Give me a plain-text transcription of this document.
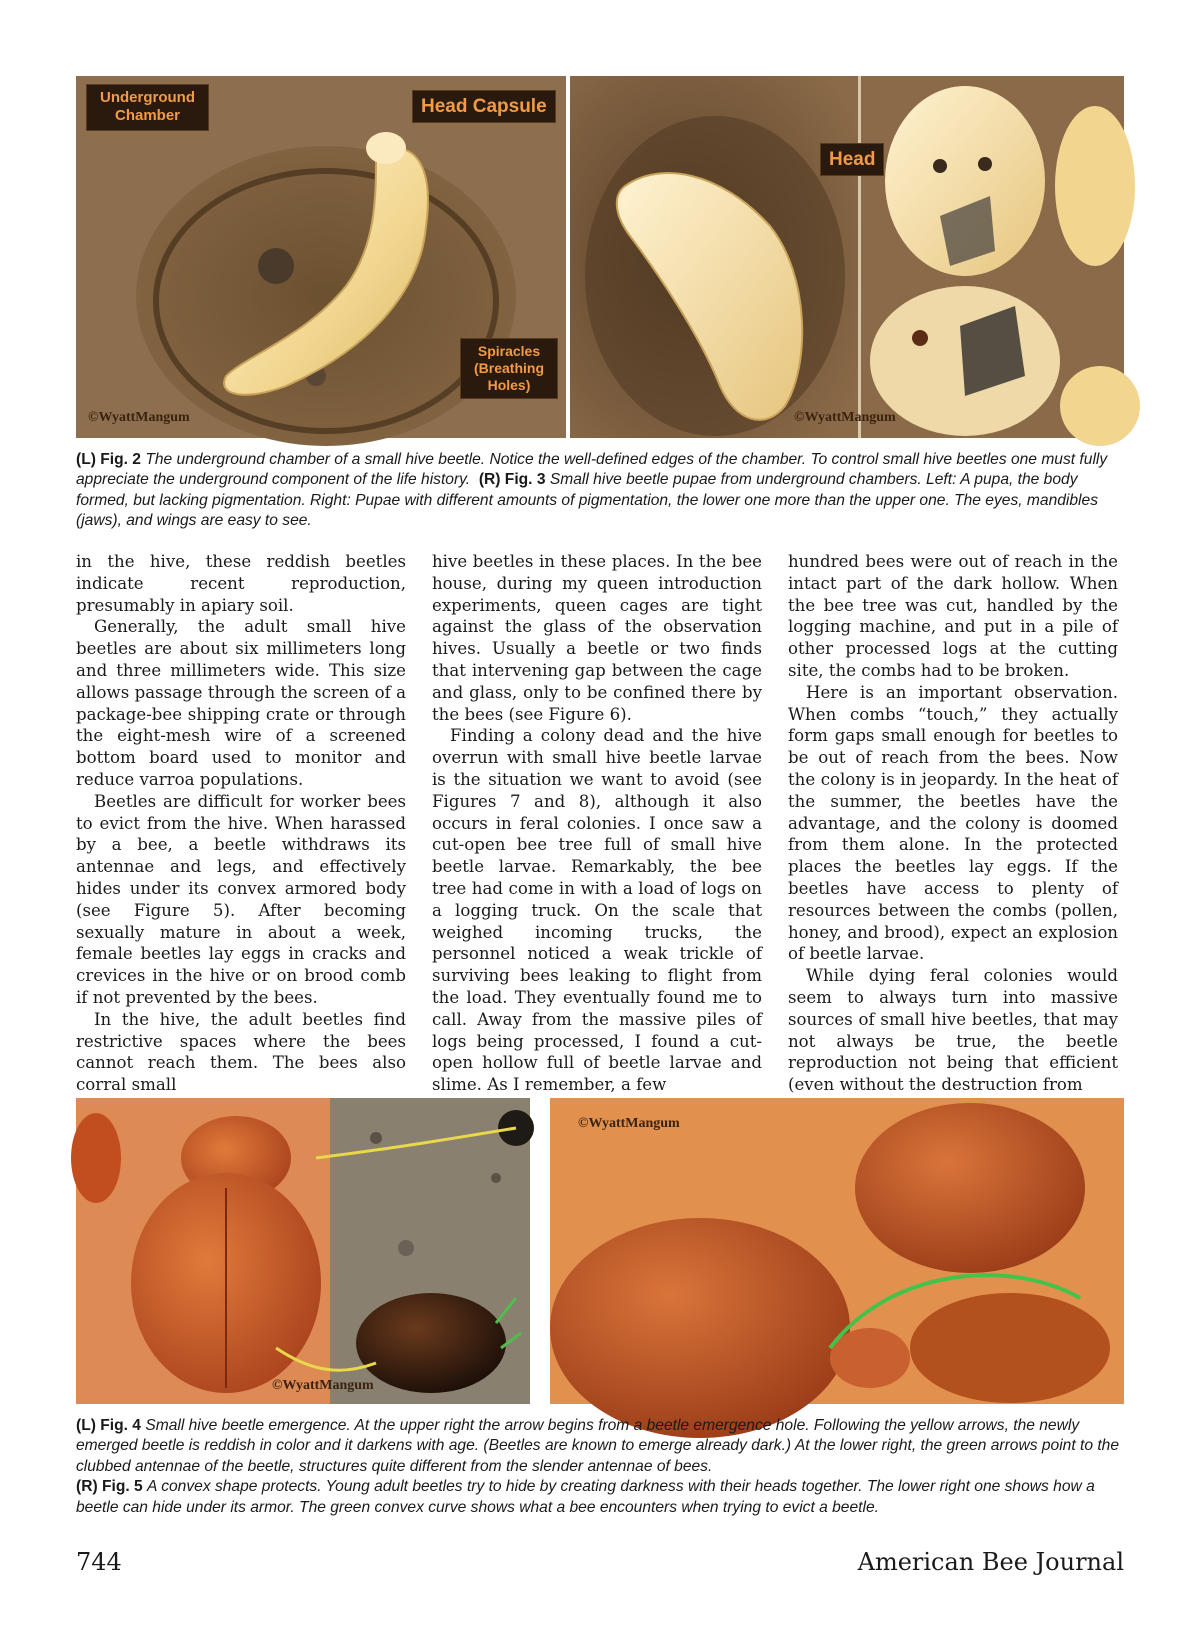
Underground Chamber	Head Capsule
Spiracles (Breathing Holes)
©WyattMangum
Head
©WyattMangum
(L) Fig. 2 The underground chamber of a small hive beetle. Notice the well-defined edges of the chamber. To control small hive beetles one must fully appreciate the underground component of the life history. (R) Fig. 3 Small hive beetle pupae from underground chambers. Left: A pupa, the body formed, but lacking pigmentation. Right: Pupae with different amounts of pigmentation, the lower one more than the upper one. The eyes, mandibles (jaws), and wings are easy to see.

in the hive, these reddish beetles indicate recent reproduction, presumably in apiary soil.

Generally, the adult small hive beetles are about six millimeters long and three millimeters wide. This size allows passage through the screen of a package-bee shipping crate or through the eight-mesh wire of a screened bottom board used to monitor and reduce varroa populations.

Beetles are difficult for worker bees to evict from the hive. When harassed by a bee, a beetle withdraws its antennae and legs, and effectively hides under its convex armored body (see Figure 5). After becoming sexually mature in about a week, female beetles lay eggs in cracks and crevices in the hive or on brood comb if not prevented by the bees.

In the hive, the adult beetles find restrictive spaces where the bees cannot reach them. The bees also corral small

hive beetles in these places. In the bee house, during my queen introduction experiments, queen cages are tight against the glass of the observation hives. Usually a beetle or two finds that intervening gap between the cage and glass, only to be confined there by the bees (see Figure 6).

Finding a colony dead and the hive overrun with small hive beetle larvae is the situation we want to avoid (see Figures 7 and 8), although it also occurs in feral colonies. I once saw a cut-open bee tree full of small hive beetle larvae. Remarkably, the bee tree had come in with a load of logs on a logging truck. On the scale that weighed incoming trucks, the personnel noticed a weak trickle of surviving bees leaking to flight from the load. They eventually found me to call. Away from the massive piles of logs being processed, I found a cut-open hollow full of beetle larvae and slime. As I remember, a few

hundred bees were out of reach in the intact part of the dark hollow. When the bee tree was cut, handled by the logging machine, and put in a pile of other processed logs at the cutting site, the combs had to be broken.

Here is an important observation. When combs “touch,” they actually form gaps small enough for beetles to be out of reach from the bees. Now the colony is in jeopardy. In the heat of the summer, the beetles have the advantage, and the colony is doomed from them alone. In the protected places the beetles lay eggs. If the beetles have access to plenty of resources between the combs (pollen, honey, and brood), expect an explosion of beetle larvae.

While dying feral colonies would seem to always turn into massive sources of small hive beetles, that may not always be true, the beetle reproduction not being that efficient (even without the destruction from

©WyattMangum
©WyattMangum
(L) Fig. 4 Small hive beetle emergence. At the upper right the arrow begins from a beetle emergence hole. Following the yellow arrows, the newly emerged beetle is reddish in color and it darkens with age. (Beetles are known to emerge already dark.) At the lower right, the green arrows point to the clubbed antennae of the beetle, structures quite different from the slender antennae of bees.
(R) Fig. 5 A convex shape protects. Young adult beetles try to hide by creating darkness with their heads together. The lower right one shows how a beetle can hide under its armor. The green convex curve shows what a bee encounters when trying to evict a beetle.
744	American Bee Journal
